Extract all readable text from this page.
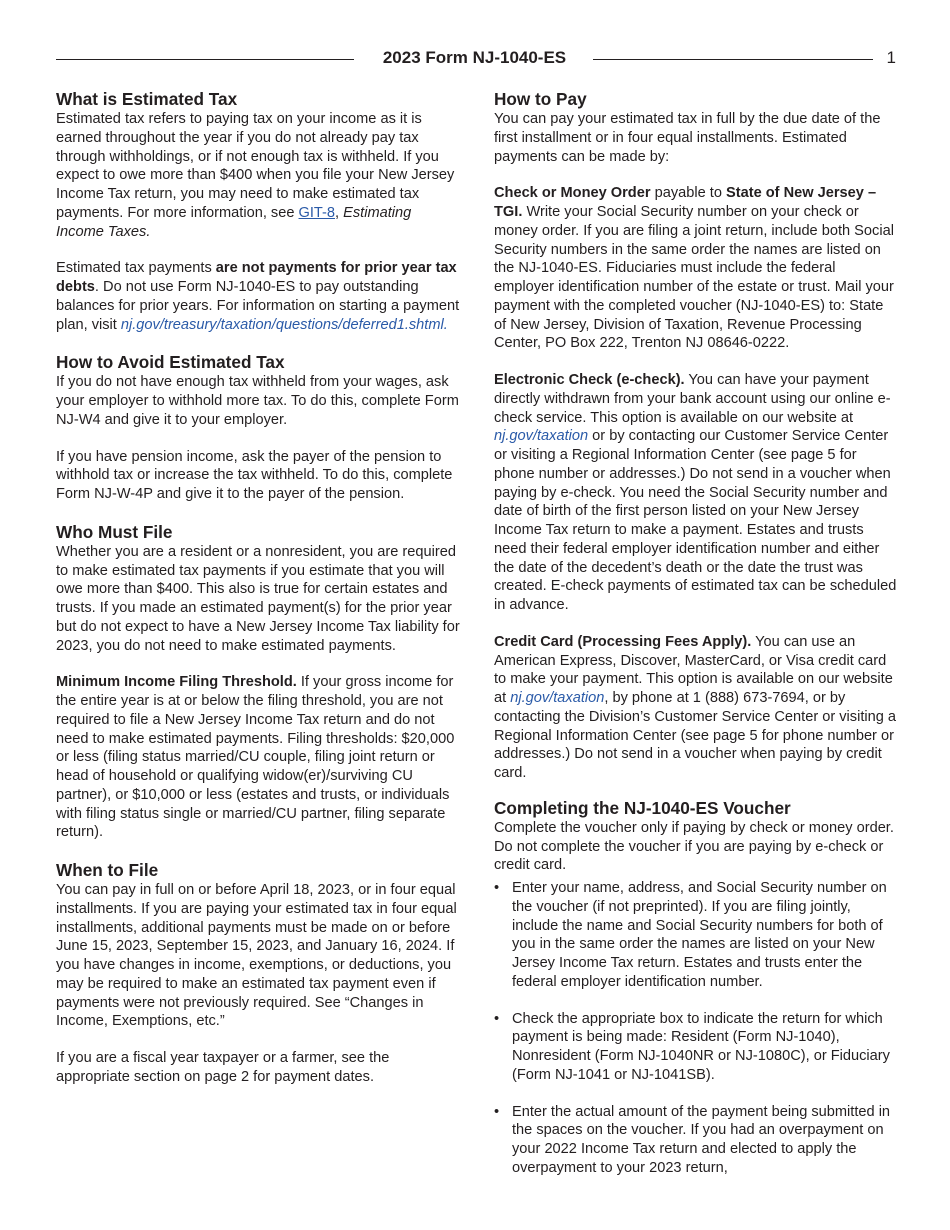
2023 Form NJ-1040-ES	1
What is Estimated Tax

Estimated tax refers to paying tax on your income as it is earned throughout the year if you do not already pay tax through withholdings, or if not enough tax is withheld. If you expect to owe more than $400 when you file your New Jersey Income Tax return, you may need to make estimated tax payments. For more information, see GIT-8, Estimating Income Taxes.

Estimated tax payments are not payments for prior year tax debts. Do not use Form NJ-1040-ES to pay outstanding balances for prior years. For information on starting a payment plan, visit nj.gov/treasury/taxation/questions/deferred1.shtml.

How to Avoid Estimated Tax

If you do not have enough tax withheld from your wages, ask your employer to withhold more tax. To do this, complete Form NJ-W4 and give it to your employer.

If you have pension income, ask the payer of the pension to withhold tax or increase the tax withheld. To do this, complete Form NJ-W-4P and give it to the payer of the pension.

Who Must File

Whether you are a resident or a nonresident, you are required to make estimated tax payments if you estimate that you will owe more than $400. This also is true for certain estates and trusts. If you made an estimated payment(s) for the prior year but do not expect to have a New Jersey Income Tax liability for 2023, you do not need to make estimated payments.

Minimum Income Filing Threshold. If your gross income for the entire year is at or below the filing threshold, you are not required to file a New Jersey Income Tax return and do not need to make estimated payments. Filing thresholds: $20,000 or less (filing status married/CU couple, filing joint return or head of household or qualifying widow(er)/surviving CU partner), or $10,000 or less (estates and trusts, or individuals with filing status single or married/CU partner, filing separate return).

When to File

You can pay in full on or before April 18, 2023, or in four equal installments. If you are paying your estimated tax in four equal installments, additional payments must be made on or before June 15, 2023, September 15, 2023, and January 16, 2024. If you have changes in income, exemptions, or deductions, you may be required to make an estimated tax payment even if payments were not previously required. See “Changes in Income, Exemptions, etc.”

If you are a fiscal year taxpayer or a farmer, see the appropriate section on page 2 for payment dates.

How to Pay

You can pay your estimated tax in full by the due date of the first installment or in four equal installments. Estimated payments can be made by:

Check or Money Order payable to State of New Jersey – TGI. Write your Social Security number on your check or money order. If you are filing a joint return, include both Social Security numbers in the same order the names are listed on the NJ-1040-ES. Fiduciaries must include the federal employer identification number of the estate or trust. Mail your payment with the completed voucher (NJ-1040-ES) to: State of New Jersey, Division of Taxation, Revenue Processing Center, PO Box 222, Trenton NJ 08646-0222.

Electronic Check (e-check). You can have your payment directly withdrawn from your bank account using our online e-check service. This option is available on our website at nj.gov/taxation or by contacting our Customer Service Center or visiting a Regional Information Center (see page 5 for phone number or addresses.) Do not send in a voucher when paying by e-check. You need the Social Security number and date of birth of the first person listed on your New Jersey Income Tax return to make a payment. Estates and trusts need their federal employer identification number and either the date of the decedent’s death or the date the trust was created. E-check payments of estimated tax can be scheduled in advance.

Credit Card (Processing Fees Apply). You can use an American Express, Discover, MasterCard, or Visa credit card to make your payment. This option is available on our website at nj.gov/taxation, by phone at 1 (888) 673-7694, or by contacting the Division’s Customer Service Center or visiting a Regional Information Center (see page 5 for phone number or addresses.) Do not send in a voucher when paying by credit card.

Completing the NJ-1040-ES Voucher

Complete the voucher only if paying by check or money order. Do not complete the voucher if you are paying by e-check or credit card.

• Enter your name, address, and Social Security number on the voucher (if not preprinted). If you are filing jointly, include the name and Social Security numbers for both of you in the same order the names are listed on your New Jersey Income Tax return. Estates and trusts enter the federal employer identification number.
• Check the appropriate box to indicate the return for which payment is being made: Resident (Form NJ-1040), Nonresident (Form NJ-1040NR or NJ-1080C), or Fiduciary (Form NJ-1041 or NJ-1041SB).
• Enter the actual amount of the payment being submitted in the spaces on the voucher. If you had an overpayment on your 2022 Income Tax return and elected to apply the overpayment to your 2023 return,
